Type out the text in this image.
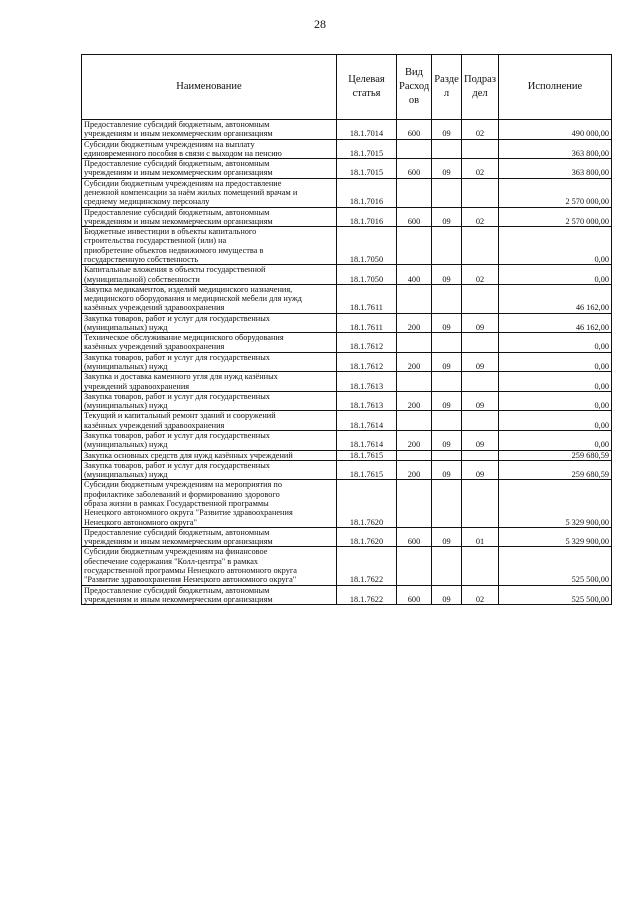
28
Наименование	Целевая статья	Вид Расход ов	Разде л	Подраз дел	Исполнение
Предоставление субсидий бюджетным, автономным
учреждениям и иным некоммерческим организациям	18.1.7014	600	09	02	490 000,00
Субсидии бюджетным учреждениям на выплату
единовременного пособия в связи с выходом на пенсию	18.1.7015				363 800,00
Предоставление субсидий бюджетным, автономным
учреждениям и иным некоммерческим организациям	18.1.7015	600	09	02	363 800,00
Субсидии бюджетным учреждениям на предоставление
денежной компенсации за наём жилых помещений врачам и
среднему медицинскому персоналу	18.1.7016				2 570 000,00
Предоставление субсидий бюджетным, автономным
учреждениям и иным некоммерческим организациям	18.1.7016	600	09	02	2 570 000,00
Бюджетные инвестиции в объекты капитального
строительства государственной (или) на
приобретение объектов недвижимого имущества в
государственную собственность	18.1.7050				0,00
Капитальные вложения в объекты государственной
(муниципальной) собственности	18.1.7050	400	09	02	0,00
Закупка медикаментов, изделий медицинского назначения,
медицинского оборудования и медицинской мебели для нужд
казённых учреждений здравоохранения	18.1.7611				46 162,00
Закупка товаров, работ и услуг для государственных
(муниципальных) нужд	18.1.7611	200	09	09	46 162,00
Техническое обслуживание медицинского оборудования
казённых учреждений здравоохранения	18.1.7612				0,00
Закупка товаров, работ и услуг для государственных
(муниципальных) нужд	18.1.7612	200	09	09	0,00
Закупка и доставка каменного угля для нужд казённых
учреждений здравоохранения	18.1.7613				0,00
Закупка товаров, работ и услуг для государственных
(муниципальных) нужд	18.1.7613	200	09	09	0,00
Текущий и капитальный ремонт зданий и сооружений
казённых учреждений здравоохранения	18.1.7614				0,00
Закупка товаров, работ и услуг для государственных
(муниципальных) нужд	18.1.7614	200	09	09	0,00
Закупка основных средств для нужд казённых учреждений	18.1.7615				259 680,59
Закупка товаров, работ и услуг для государственных
(муниципальных) нужд	18.1.7615	200	09	09	259 680,59
Субсидии бюджетным учреждениям на мероприятия по
профилактике заболеваний и формированию здорового
образа жизни в рамках Государственной программы
Ненецкого автономного округа "Развитие здравоохранения
Ненецкого автономного округа"	18.1.7620				5 329 900,00
Предоставление субсидий бюджетным, автономным
учреждениям и иным некоммерческим организациям	18.1.7620	600	09	01	5 329 900,00
Субсидии бюджетным учреждениям на финансовое
обеспечение содержания "Колл-центра" в рамках
государственной программы Ненецкого автономного округа
"Развитие здравоохранения Ненецкого автономного округа"	18.1.7622				525 500,00
Предоставление субсидий бюджетным, автономным
учреждениям и иным некоммерческим организациям	18.1.7622	600	09	02	525 500,00
